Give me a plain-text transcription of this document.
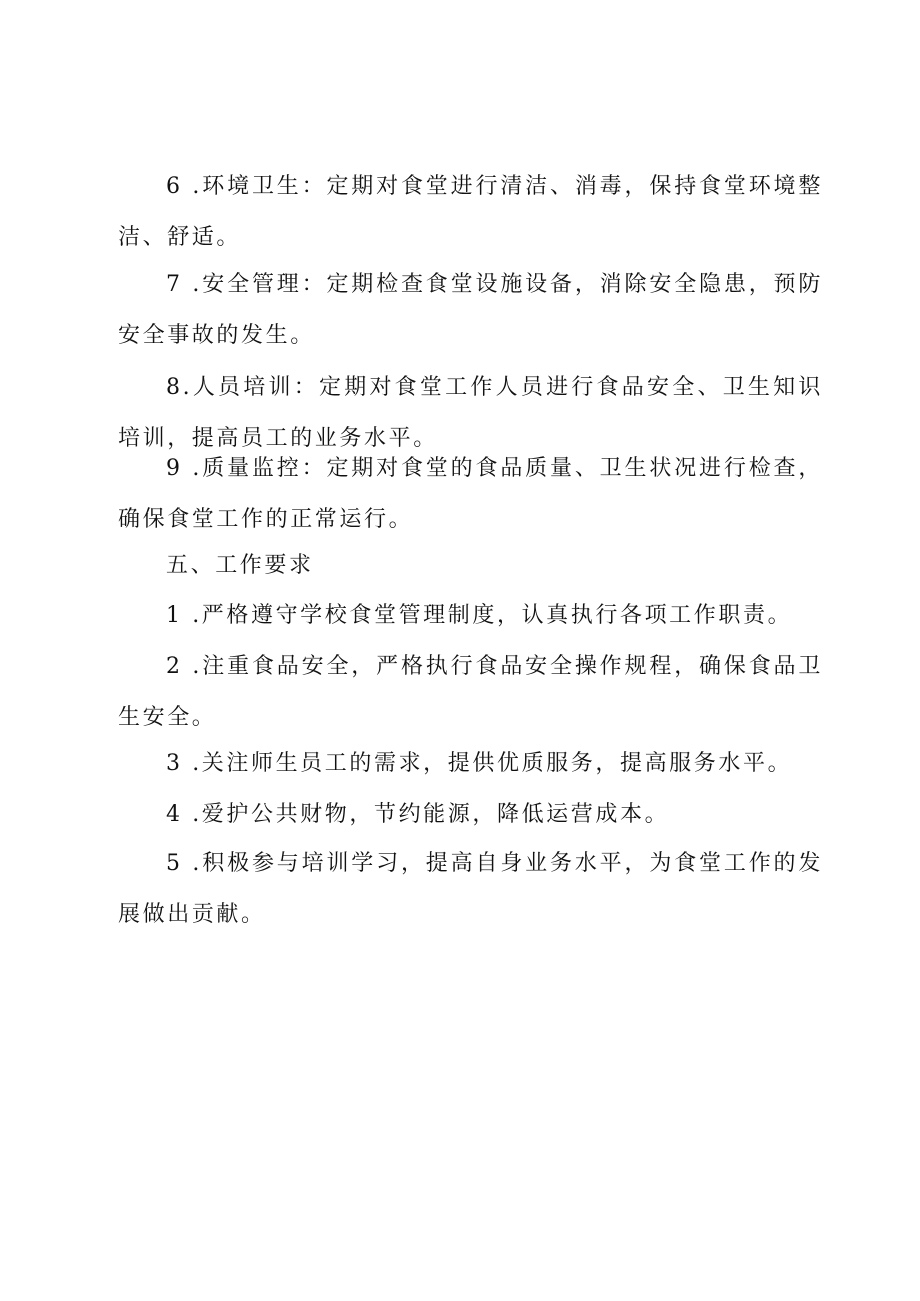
6 .环境卫生：定期对食堂进行清洁、消毒，保持食堂环境整洁、舒适。

7 .安全管理：定期检查食堂设施设备，消除安全隐患，预防安全事故的发生。

8.人员培训：定期对食堂工作人员进行食品安全、卫生知识培训，提高员工的业务水平。

9 .质量监控：定期对食堂的食品质量、卫生状况进行检查，确保食堂工作的正常运行。

五、工作要求

1 .严格遵守学校食堂管理制度，认真执行各项工作职责。

2 .注重食品安全，严格执行食品安全操作规程，确保食品卫生安全。

3 .关注师生员工的需求，提供优质服务，提高服务水平。

4 .爱护公共财物，节约能源，降低运营成本。

5 .积极参与培训学习，提高自身业务水平，为食堂工作的发展做出贡献。
